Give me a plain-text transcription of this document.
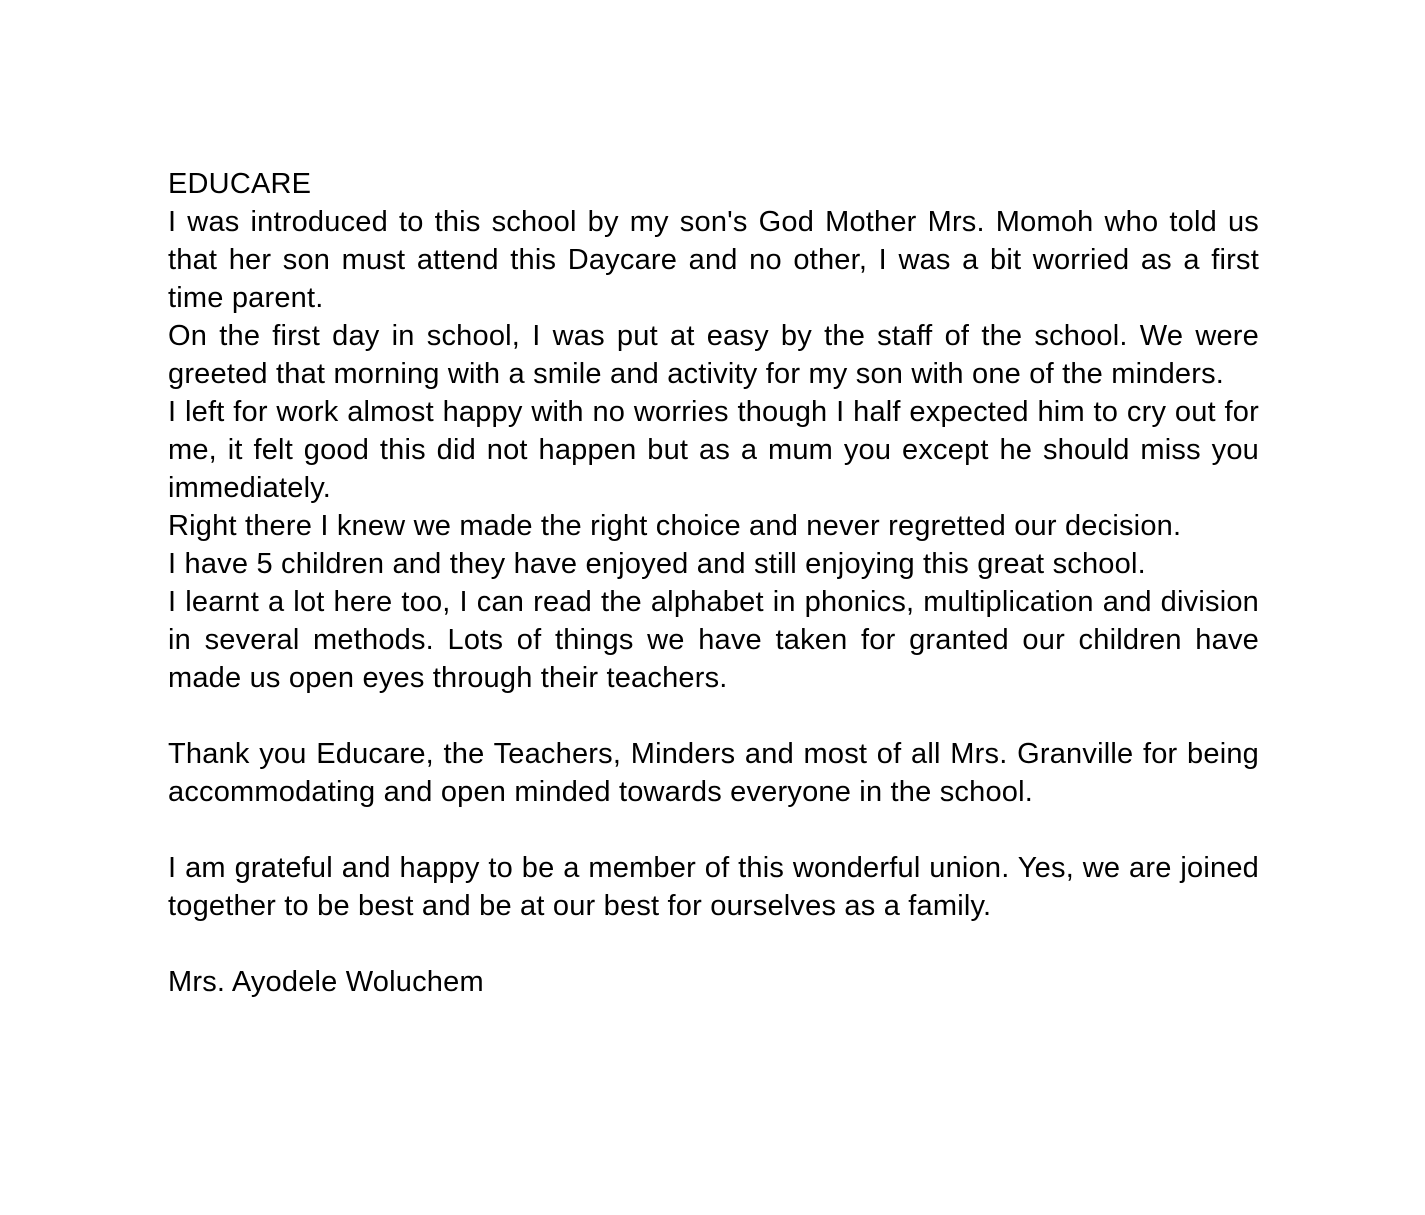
EDUCARE

I was introduced to this school by my son's God Mother Mrs. Momoh who told us that her son must attend this Daycare and no other, I was a bit worried as a first time parent.

On the first day in school, I was put at easy by the staff of the school. We were greeted that morning with a smile and activity for my son with one of the minders.

I left for work almost happy with no worries though I half expected him to cry out for me, it felt good this did not happen but as a mum you except he should miss you immediately.

Right there I knew we made the right choice and never regretted our decision.

I have 5 children and they have enjoyed and still enjoying this great school.

I learnt a lot here too, I can read the alphabet in phonics, multiplication and division in several methods. Lots of things we have taken for granted our children have made us open eyes through their teachers.

Thank you Educare, the Teachers, Minders and most of all Mrs. Granville for being accommodating and open minded towards everyone in the school.

I am grateful and happy to be a member of this wonderful union. Yes, we are joined together to be best and be at our best for ourselves as a family.

Mrs. Ayodele Woluchem
